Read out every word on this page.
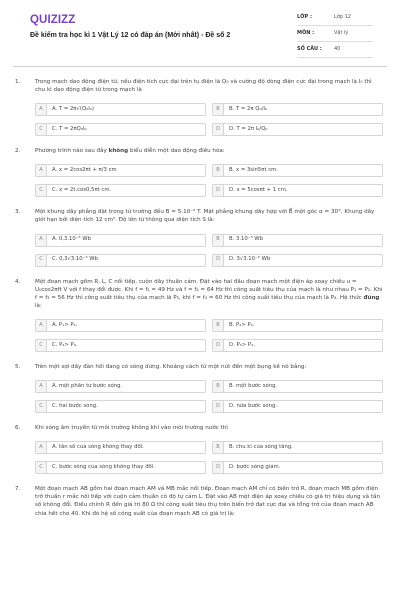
QUIZIZZ
Đề kiểm tra học kì 1 Vật Lý 12 có đáp án (Mới nhất) - Đề số 2
LỚP :	Lớp 12
MÔN :	Vật lý
SỐ CÂU :	40
1.	Trong mạch dao động điện từ, nếu điện tích cực đại trên tụ điện là Q₀ và cường độ dòng điện cực đại trong mạch là I₀ thì chu kì dao động điện từ trong mạch là
A	A. T = 2π√(Q₀I₀)	B	B. T = 2π Q₀/I₀
C	C. T = 2πQ₀I₀	D	D. T = 2π I₀/Q₀
2.	Phương trình nào sau đây không biểu diễn một dao động điều hòa:
A	A. x = 2cos2πt + π/3 cm	B	B. x = 3sin5πt cm.
C	C. x = 2t.cos0,5πt cm.	D	D. x = 5cosπt + 1 cm.
3.	Một khung dây phẳng đặt trong từ trường đều B = 5.10⁻² T. Mặt phẳng khung dây hợp với B⃗ một góc α = 30°. Khung dây giới hạn bởi diện tích 12 cm². Độ lớn từ thông qua diện tích S là:
A	A. 0,3.10⁻⁵ Wb	B	B. 3.10⁻⁵ Wb
C	C. 0,3√3.10⁻⁵ Wb	D	D. 3√3.10⁻⁵ Wb
4.	Một đoạn mạch gồm R, L, C nối tiếp, cuộn dây thuần cảm. Đặt vào hai đầu đoạn mạch một điện áp xoay chiều u = U₀cos2πft V với f thay đổi được. Khi f = f₁ = 49 Hz và f = f₂ = 64 Hz thì công suất tiêu thụ của mạch là như nhau P₁ = P₂. Khi f = f₃ = 56 Hz thì công suất tiêu thụ của mạch là P₃, khi f = f₄ = 60 Hz thì công suất tiêu thụ của mạch là P₄. Hệ thức đúng là:
A	A. P₁> P₃.	B	B. P₂> P₄.
C	C. P₄> P₃.	D	D. P₃> P₄.
5.	Trên một sợi dây đàn hồi đang có sóng dừng. Khoảng cách từ một nút đến một bụng kề nó bằng:
A	A. một phần tư bước sóng.	B	B. một bước sóng.
C	C. hai bước sóng.	D	D. nửa bước sóng.
6.	Khi sóng âm truyền từ môi trường không khí vào môi trường nước thì
A	A. tần số của sóng không thay đổi.	B	B. chu kì của sóng tăng.
C	C. bước sóng của sóng không thay đổi.	D	D. bước sóng giảm.
7.	Một đoạn mạch AB gồm hai đoạn mạch AM và MB mắc nối tiếp. Đoạn mạch AM chỉ có biến trở R, đoạn mạch MB gồm điện trở thuần r mắc nối tiếp với cuộn cảm thuần có độ tự cảm L. Đặt vào AB một điện áp xoay chiều có giá trị hiệu dụng và tần số không đổi. Điều chỉnh R đến giá trị 80 Ω thì công suất tiêu thụ trên biến trở đạt cực đại và tổng trở của đoạn mạch AB chia hết cho 40. Khi đó hệ số công suất của đoạn mạch AB có giá trị là:
